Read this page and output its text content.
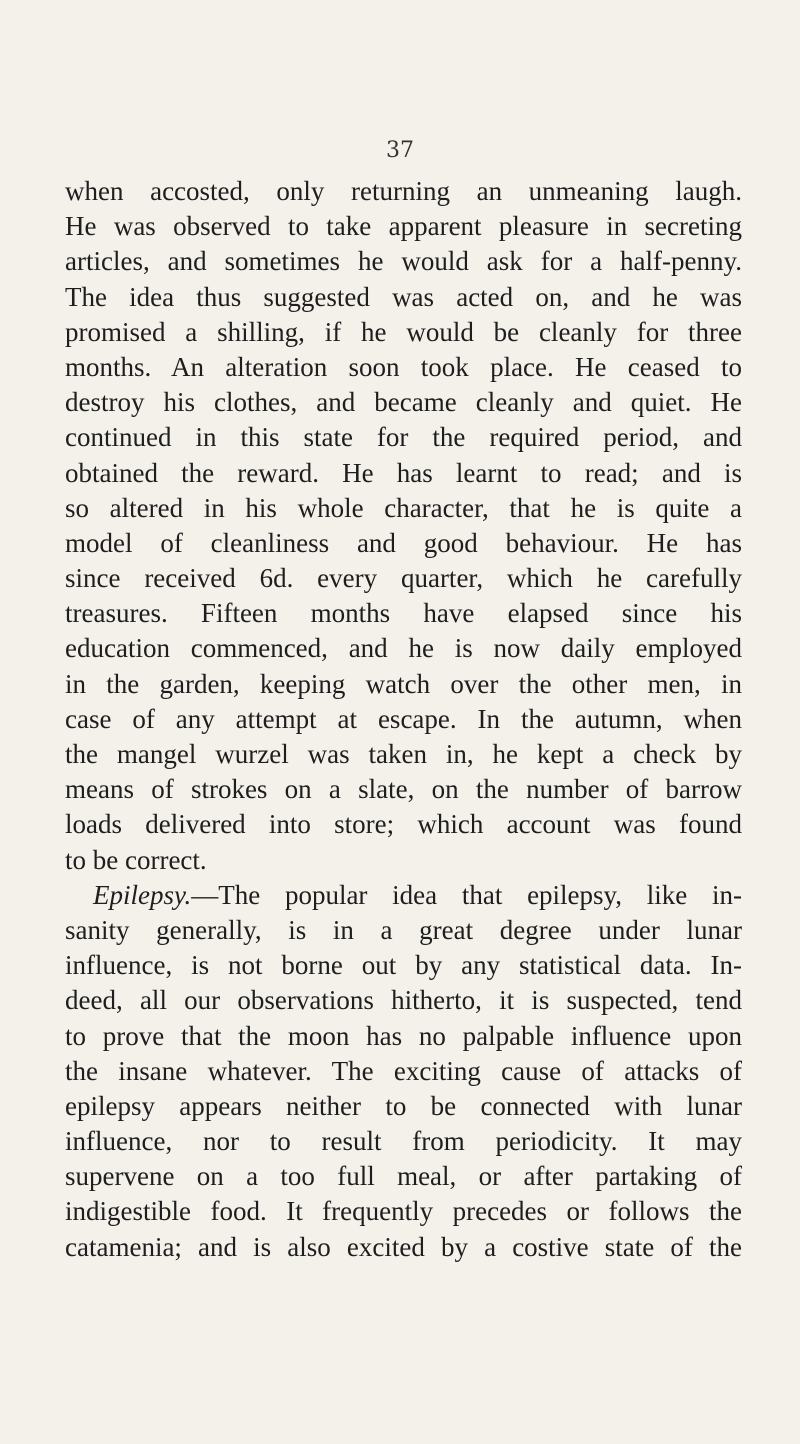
37
when accosted, only returning an unmeaning laugh.
He was observed to take apparent pleasure in secreting
articles, and sometimes he would ask for a half-penny.
The idea thus suggested was acted on, and he was
promised a shilling, if he would be cleanly for three
months. An alteration soon took place. He ceased to
destroy his clothes, and became cleanly and quiet. He
continued in this state for the required period, and
obtained the reward. He has learnt to read; and is
so altered in his whole character, that he is quite a
model of cleanliness and good behaviour. He has
since received 6d. every quarter, which he carefully
treasures. Fifteen months have elapsed since his
education commenced, and he is now daily employed
in the garden, keeping watch over the other men, in
case of any attempt at escape. In the autumn, when
the mangel wurzel was taken in, he kept a check by
means of strokes on a slate, on the number of barrow
loads delivered into store; which account was found
to be correct.
Epilepsy.—The popular idea that epilepsy, like in-
sanity generally, is in a great degree under lunar
influence, is not borne out by any statistical data. In-
deed, all our observations hitherto, it is suspected, tend
to prove that the moon has no palpable influence upon
the insane whatever. The exciting cause of attacks of
epilepsy appears neither to be connected with lunar
influence, nor to result from periodicity. It may
supervene on a too full meal, or after partaking of
indigestible food. It frequently precedes or follows the
catamenia; and is also excited by a costive state of the
